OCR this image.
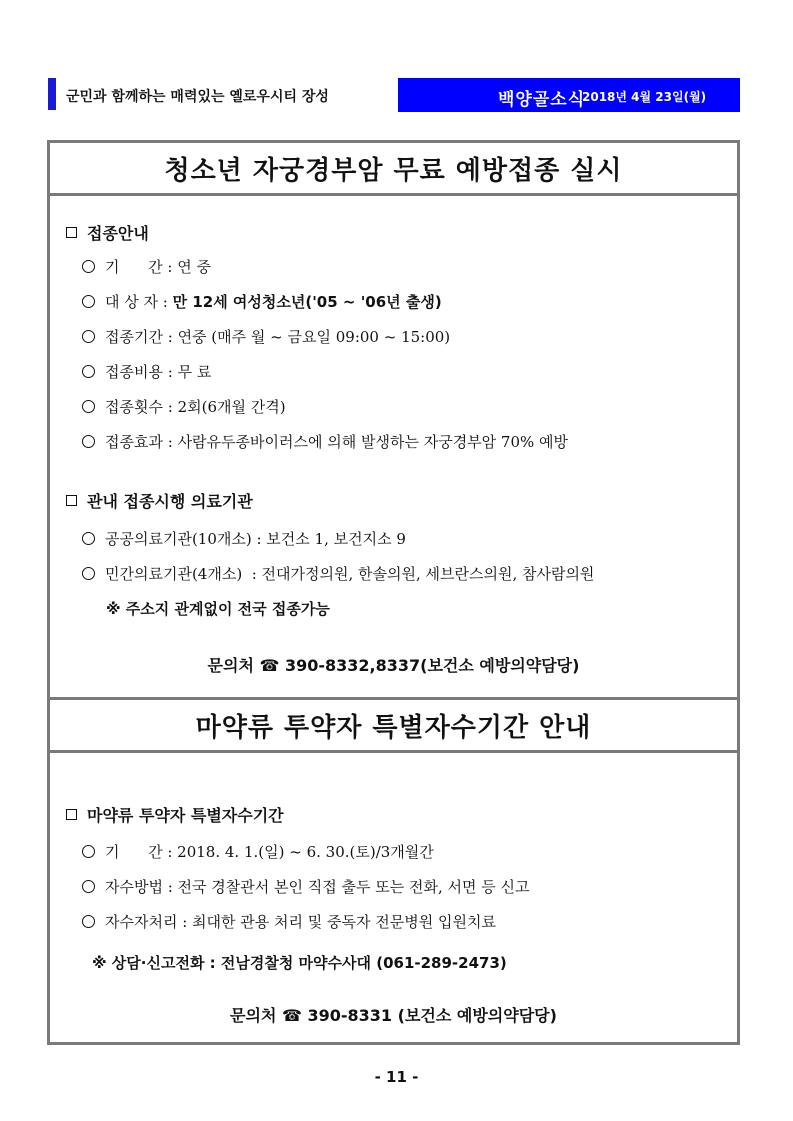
군민과 함께하는 매력있는 옐로우시티 장성	백양골소식
2018년 4월 23일(월)
청소년 자궁경부암 무료 예방접종 실시
접종안내
기      간 : 연 중
대 상 자 : 만 12세 여성청소년('05 ~ '06년 출생)
접종기간 : 연중 (매주 월 ~ 금요일 09:00 ~ 15:00)
접종비용 : 무 료
접종횟수 : 2회(6개월 간격)
접종효과 : 사람유두종바이러스에 의해 발생하는 자궁경부암 70% 예방
관내 접종시행 의료기관
공공의료기관(10개소) : 보건소 1, 보건지소 9
민간의료기관(4개소)  : 전대가정의원, 한솔의원, 세브란스의원, 참사람의원
※ 주소지 관계없이 전국 접종가능
문의처 ☎ 390-8332,8337(보건소 예방의약담당)
마약류 투약자 특별자수기간 안내
마약류 투약자 특별자수기간
기      간 : 2018. 4. 1.(일) ~ 6. 30.(토)/3개월간
자수방법 : 전국 경찰관서 본인 직접 출두 또는 전화, 서면 등 신고
자수자처리 : 최대한 관용 처리 및 중독자 전문병원 입원치료
※ 상담·신고전화 : 전남경찰청 마약수사대 (061-289-2473)
문의처 ☎ 390-8331 (보건소 예방의약담당)
- 11 -
